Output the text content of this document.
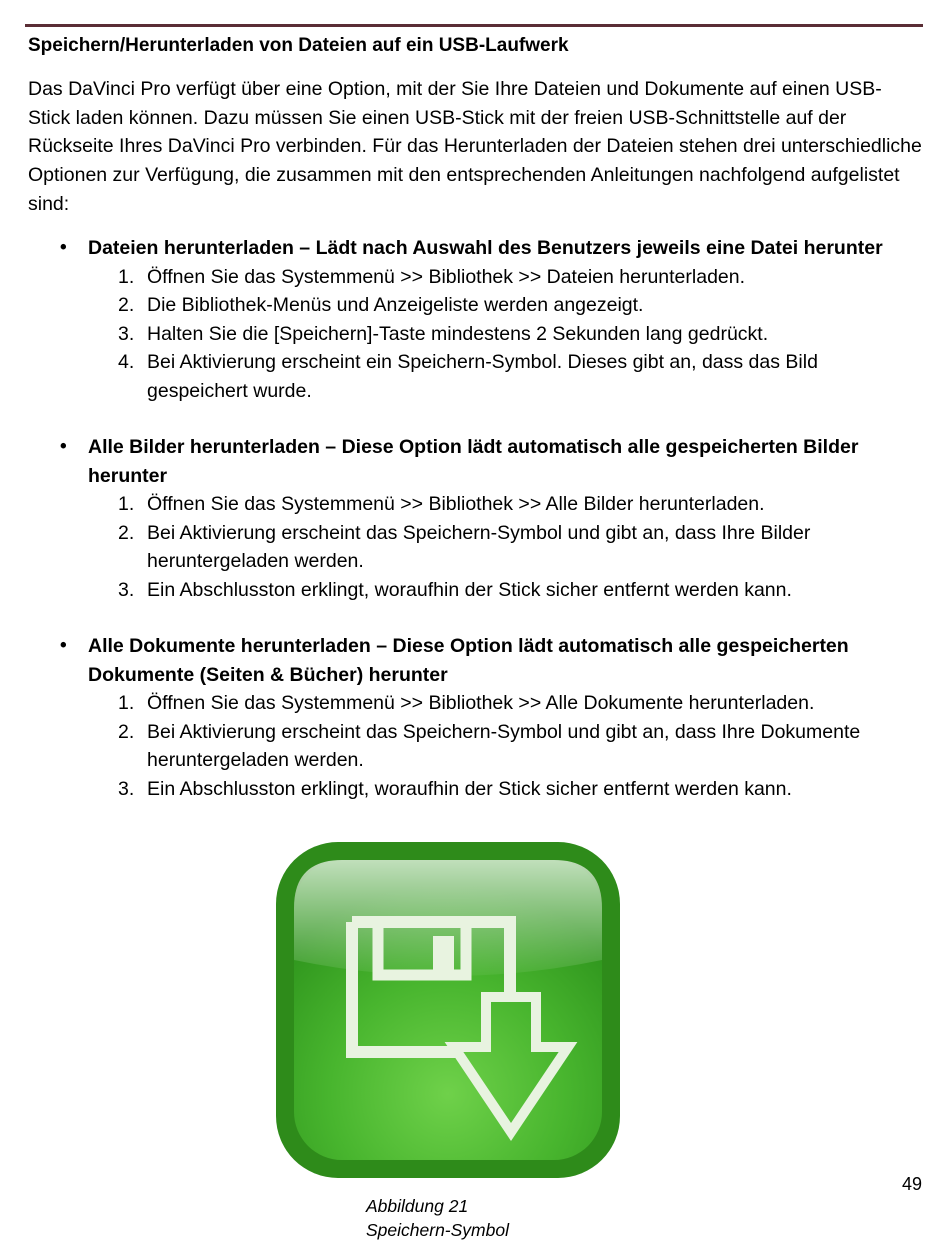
Speichern/Herunterladen von Dateien auf ein USB-Laufwerk
Das DaVinci Pro verfügt über eine Option, mit der Sie Ihre Dateien und Dokumente auf einen USB-Stick laden können. Dazu müssen Sie einen USB-Stick mit der freien USB-Schnittstelle auf der Rückseite Ihres DaVinci Pro verbinden. Für das Herunterladen der Dateien stehen drei unterschiedliche Optionen zur Verfügung, die zusammen mit den entsprechenden Anleitungen nachfolgend aufgelistet sind:
• Dateien herunterladen – Lädt nach Auswahl des Benutzers jeweils eine Datei herunter
1. Öffnen Sie das Systemmenü >> Bibliothek >> Dateien herunterladen.
2. Die Bibliothek-Menüs und Anzeigeliste werden angezeigt.
3. Halten Sie die [Speichern]-Taste mindestens 2 Sekunden lang gedrückt.
4. Bei Aktivierung erscheint ein Speichern-Symbol. Dieses gibt an, dass das Bild gespeichert wurde.
• Alle Bilder herunterladen – Diese Option lädt automatisch alle gespeicherten Bilder herunter
1. Öffnen Sie das Systemmenü >> Bibliothek >> Alle Bilder herunterladen.
2. Bei Aktivierung erscheint das Speichern-Symbol und gibt an, dass Ihre Bilder heruntergeladen werden.
3. Ein Abschlusston erklingt, woraufhin der Stick sicher entfernt werden kann.
• Alle Dokumente herunterladen – Diese Option lädt automatisch alle gespeicherten Dokumente (Seiten & Bücher) herunter
1. Öffnen Sie das Systemmenü >> Bibliothek >> Alle Dokumente herunterladen.
2. Bei Aktivierung erscheint das Speichern-Symbol und gibt an, dass Ihre Dokumente heruntergeladen werden.
3. Ein Abschlusston erklingt, woraufhin der Stick sicher entfernt werden kann.
49
Abbildung 21
Speichern-Symbol
